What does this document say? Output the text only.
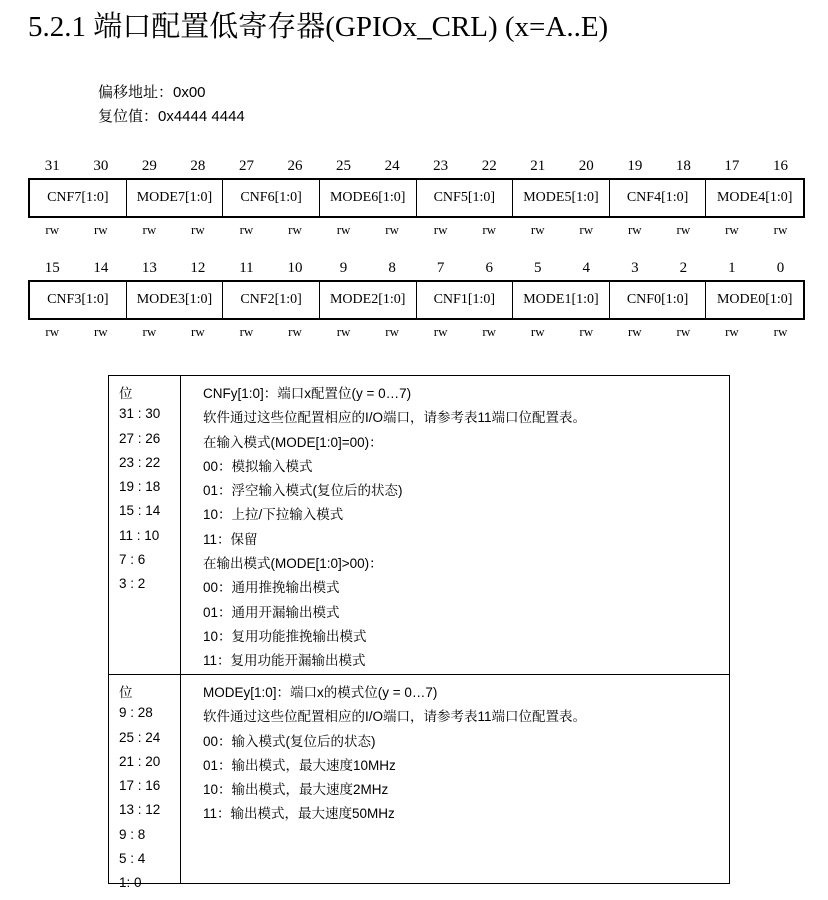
5.2.1 端口配置低寄存器(GPIOx_CRL) (x=A..E)
偏移地址：0x00
复位值：0x4444 4444
31	30	29	28	27	26	25	24	23	22	21	20	19	18	17	16
CNF7[1:0]	MODE7[1:0]	CNF6[1:0]	MODE6[1:0]	CNF5[1:0]	MODE5[1:0]	CNF4[1:0]	MODE4[1:0]
rw	rw	rw	rw	rw	rw	rw	rw	rw	rw	rw	rw	rw	rw	rw	rw
15	14	13	12	11	10	9	8	7	6	5	4	3	2	1	0
CNF3[1:0]	MODE3[1:0]	CNF2[1:0]	MODE2[1:0]	CNF1[1:0]	MODE1[1:0]	CNF0[1:0]	MODE0[1:0]
rw	rw	rw	rw	rw	rw	rw	rw	rw	rw	rw	rw	rw	rw	rw	rw
位
31 : 30
27 : 26
23 : 22
19 : 18
15 : 14
11 : 10
7 : 6
3 : 2
CNFy[1:0]：端口x配置位(y = 0…7)
软件通过这些位配置相应的I/O端口，请参考表11端口位配置表。
在输入模式(MODE[1:0]=00)：
00：模拟输入模式
01：浮空输入模式(复位后的状态)
10：上拉/下拉输入模式
11：保留
在输出模式(MODE[1:0]>00)：
00：通用推挽输出模式
01：通用开漏输出模式
10：复用功能推挽输出模式
11：复用功能开漏输出模式
位
9 : 28
25 : 24
21 : 20
17 : 16
13 : 12
9 : 8
5 : 4
1: 0
MODEy[1:0]：端口x的模式位(y = 0…7)
软件通过这些位配置相应的I/O端口，请参考表11端口位配置表。
00：输入模式(复位后的状态)
01：输出模式，最大速度10MHz
10：输出模式，最大速度2MHz
11：输出模式，最大速度50MHz
